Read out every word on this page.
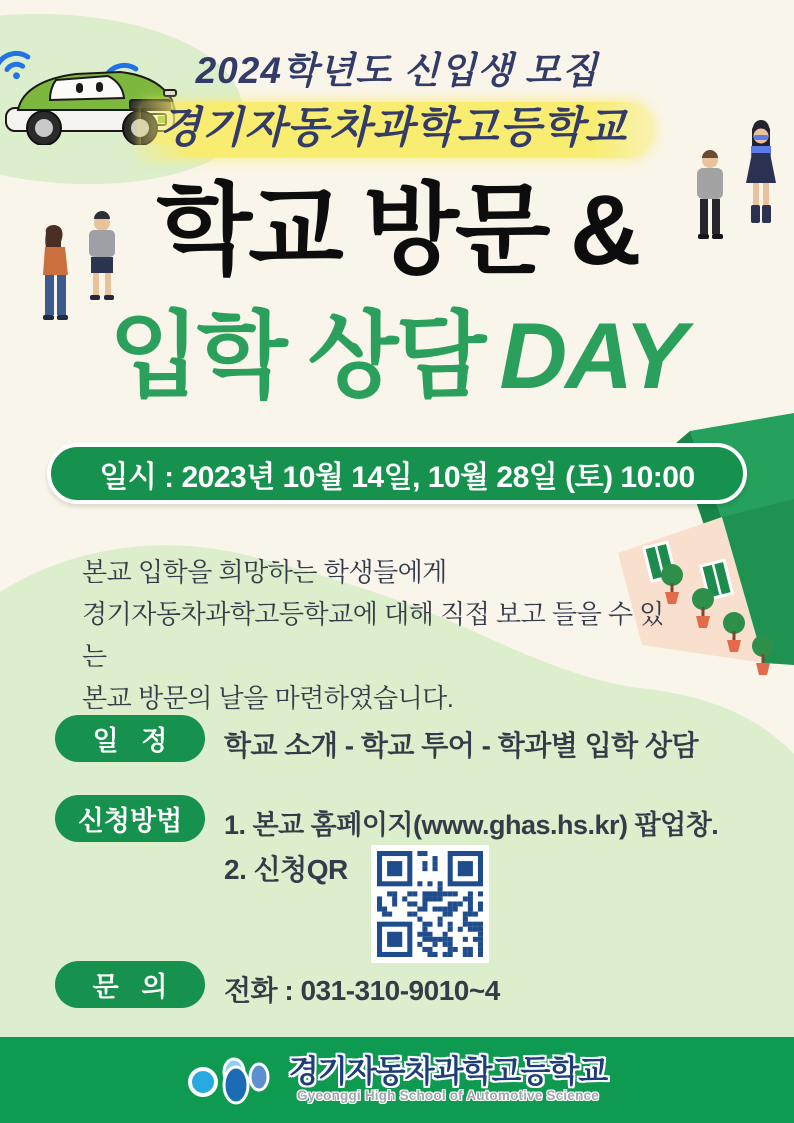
2024학년도 신입생 모집
경기자동차과학고등학교
학교 방문 &
입학 상담 DAY
일시 : 2023년 10월 14일, 10월 28일 (토) 10:00
본교 입학을 희망하는 학생들에게
경기자동차과학고등학교에 대해 직접 보고 들을 수 있는
본교 방문의 날을 마련하였습니다.
일   정	학교 소개 - 학교 투어 - 학과별 입학 상담
신청방법	1. 본교 홈페이지(www.ghas.hs.kr) 팝업창.
2. 신청QR
문   의	전화 : 031-310-9010~4
경기자동차과학고등학교
Gyeonggi High School of Automotive Science
